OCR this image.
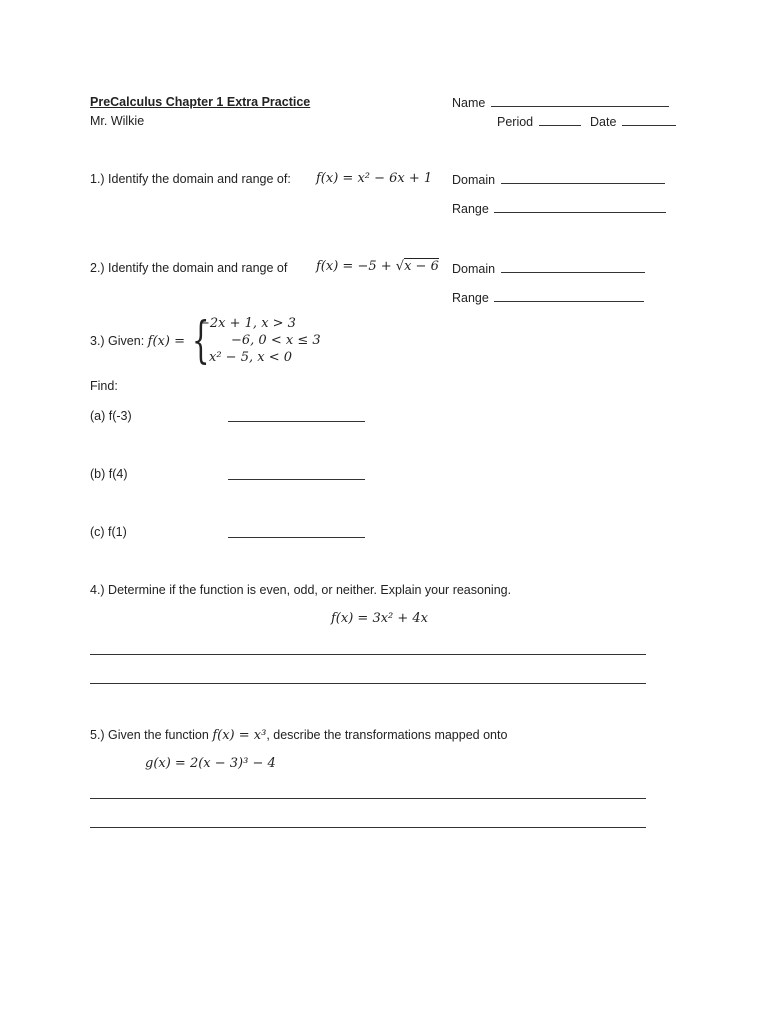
PreCalculus Chapter 1 Extra Practice
Mr. Wilkie
Name
Period	Date
1.) Identify the domain and range of: f(x) = x² − 6x + 1 Domain
Range
2.) Identify the domain and range of f(x) = −5 + √x − 6 Domain
Range
3.) Given: f(x) = {
−2x + 1, x > 3
−6, 0 < x ≤ 3
x² − 5, x < 0
Find:
(a) f(-3)
(b) f(4)
(c) f(1)
4.) Determine if the function is even, odd, or neither. Explain your reasoning.
f(x) = 3x² + 4x
5.) Given the function f(x) = x³, describe the transformations mapped onto
g(x) = 2(x − 3)³ − 4
